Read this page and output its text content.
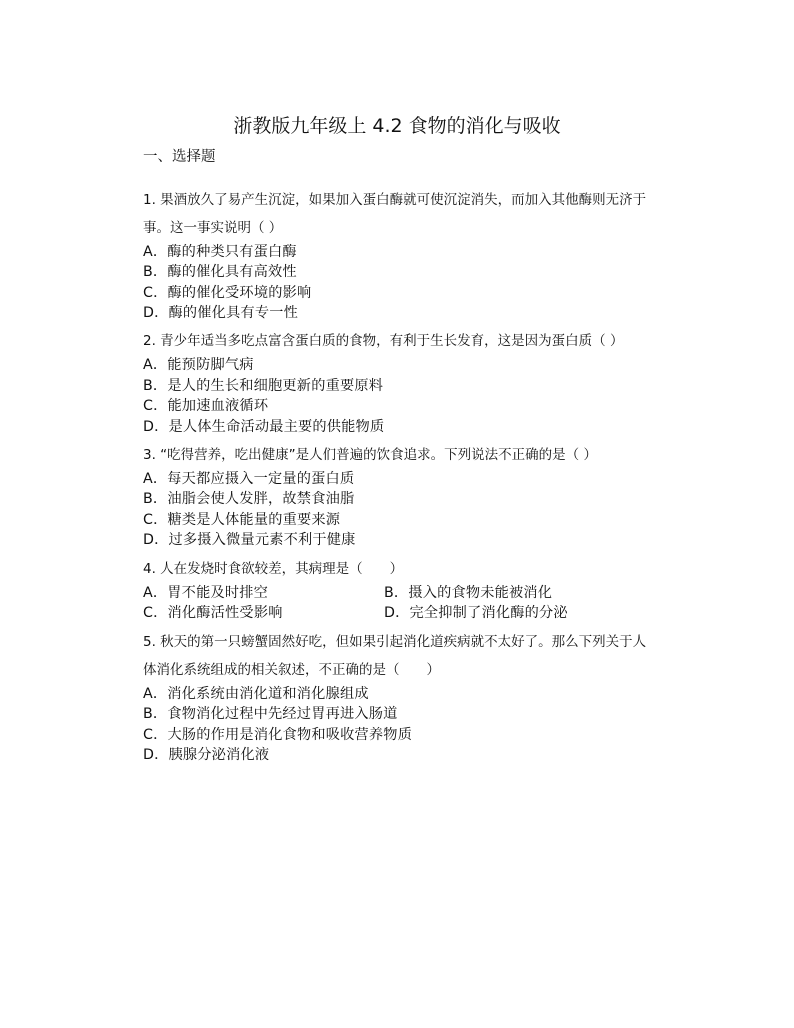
浙教版九年级上 4.2 食物的消化与吸收
一、选择题
1. 果酒放久了易产生沉淀，如果加入蛋白酶就可使沉淀消失，而加入其他酶则无济于
事。这一事实说明（ ）
A．酶的种类只有蛋白酶
B．酶的催化具有高效性
C．酶的催化受环境的影响
D．酶的催化具有专一性
2. 青少年适当多吃点富含蛋白质的食物，有利于生长发育，这是因为蛋白质（ ）
A．能预防脚气病
B．是人的生长和细胞更新的重要原料
C．能加速血液循环
D．是人体生命活动最主要的供能物质
3. “吃得营养，吃出健康”是人们普遍的饮食追求。下列说法不正确的是（ ）
A．每天都应摄入一定量的蛋白质
B．油脂会使人发胖，故禁食油脂
C．糖类是人体能量的重要来源
D．过多摄入微量元素不利于健康
4. 人在发烧时食欲较差，其病理是（　　）
A．胃不能及时排空	B．摄入的食物未能被消化
C．消化酶活性受影响	D．完全抑制了消化酶的分泌
5. 秋天的第一只螃蟹固然好吃，但如果引起消化道疾病就不太好了。那么下列关于人
体消化系统组成的相关叙述，不正确的是（　　）
A．消化系统由消化道和消化腺组成
B．食物消化过程中先经过胃再进入肠道
C．大肠的作用是消化食物和吸收营养物质
D．胰腺分泌消化液
